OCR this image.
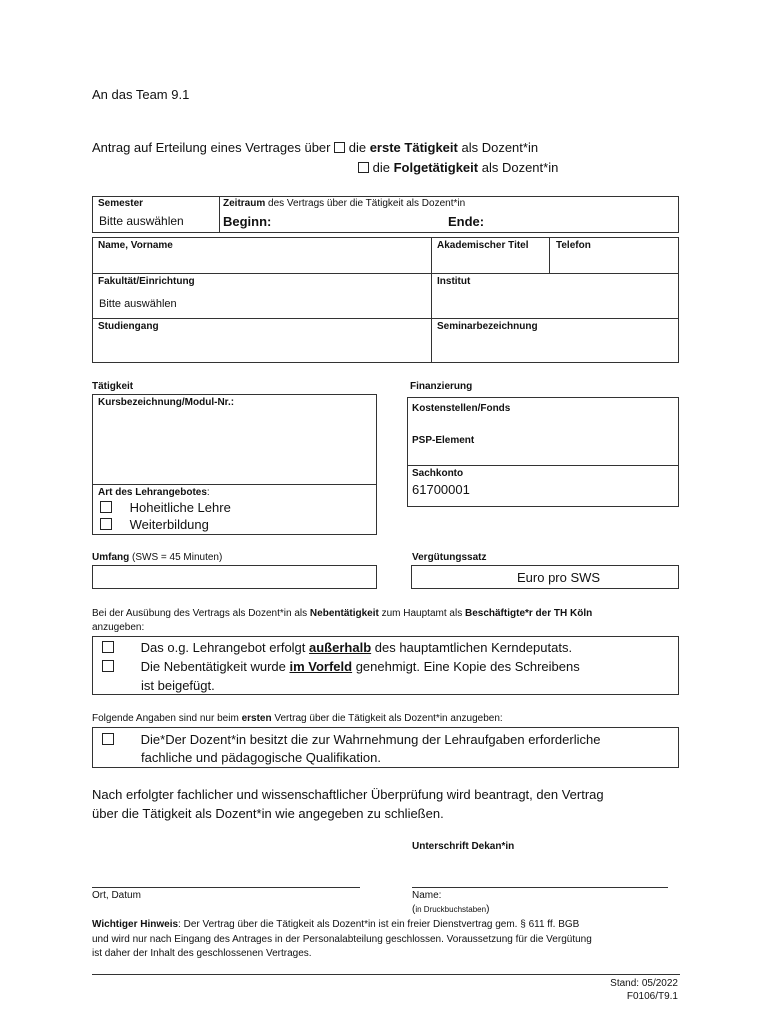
An das Team 9.1
Antrag auf Erteilung eines Vertrages über die erste Tätigkeit als Dozent*in
die Folgetätigkeit als Dozent*in
Semester
Bitte auswählen
Zeitraum des Vertrags über die Tätigkeit als Dozent*in
Beginn:	Ende:
Name, Vorname	Akademischer Titel	Telefon
Fakultät/Einrichtung
Bitte auswählen
Institut
Studiengang	Seminarbezeichnung
Tätigkeit
Kursbezeichnung/Modul-Nr.:
Art des Lehrangebotes:
Hoheitliche Lehre
Weiterbildung
Finanzierung
Kostenstellen/Fonds
PSP-Element
Sachkonto
61700001
Umfang (SWS = 45 Minuten)	Vergütungssatz
Euro pro SWS
Bei der Ausübung des Vertrags als Dozent*in als Nebentätigkeit zum Hauptamt als Beschäftigte*r der TH Köln
anzugeben:
Das o.g. Lehrangebot erfolgt außerhalb des hauptamtlichen Kerndeputats.
Die Nebentätigkeit wurde im Vorfeld genehmigt. Eine Kopie des Schreibens
ist beigefügt.
Folgende Angaben sind nur beim ersten Vertrag über die Tätigkeit als Dozent*in anzugeben:
Die*Der Dozent*in besitzt die zur Wahrnehmung der Lehraufgaben erforderliche
fachliche und pädagogische Qualifikation.
Nach erfolgter fachlicher und wissenschaftlicher Überprüfung wird beantragt, den Vertrag
über die Tätigkeit als Dozent*in wie angegeben zu schließen.
Unterschrift Dekan*in
Ort, Datum	Name:
(in Druckbuchstaben)
Wichtiger Hinweis: Der Vertrag über die Tätigkeit als Dozent*in ist ein freier Dienstvertrag gem. § 611 ff. BGB
und wird nur nach Eingang des Antrages in der Personalabteilung geschlossen. Voraussetzung für die Vergütung
ist daher der Inhalt des geschlossenen Vertrages.
Stand: 05/2022
F0106/T9.1
